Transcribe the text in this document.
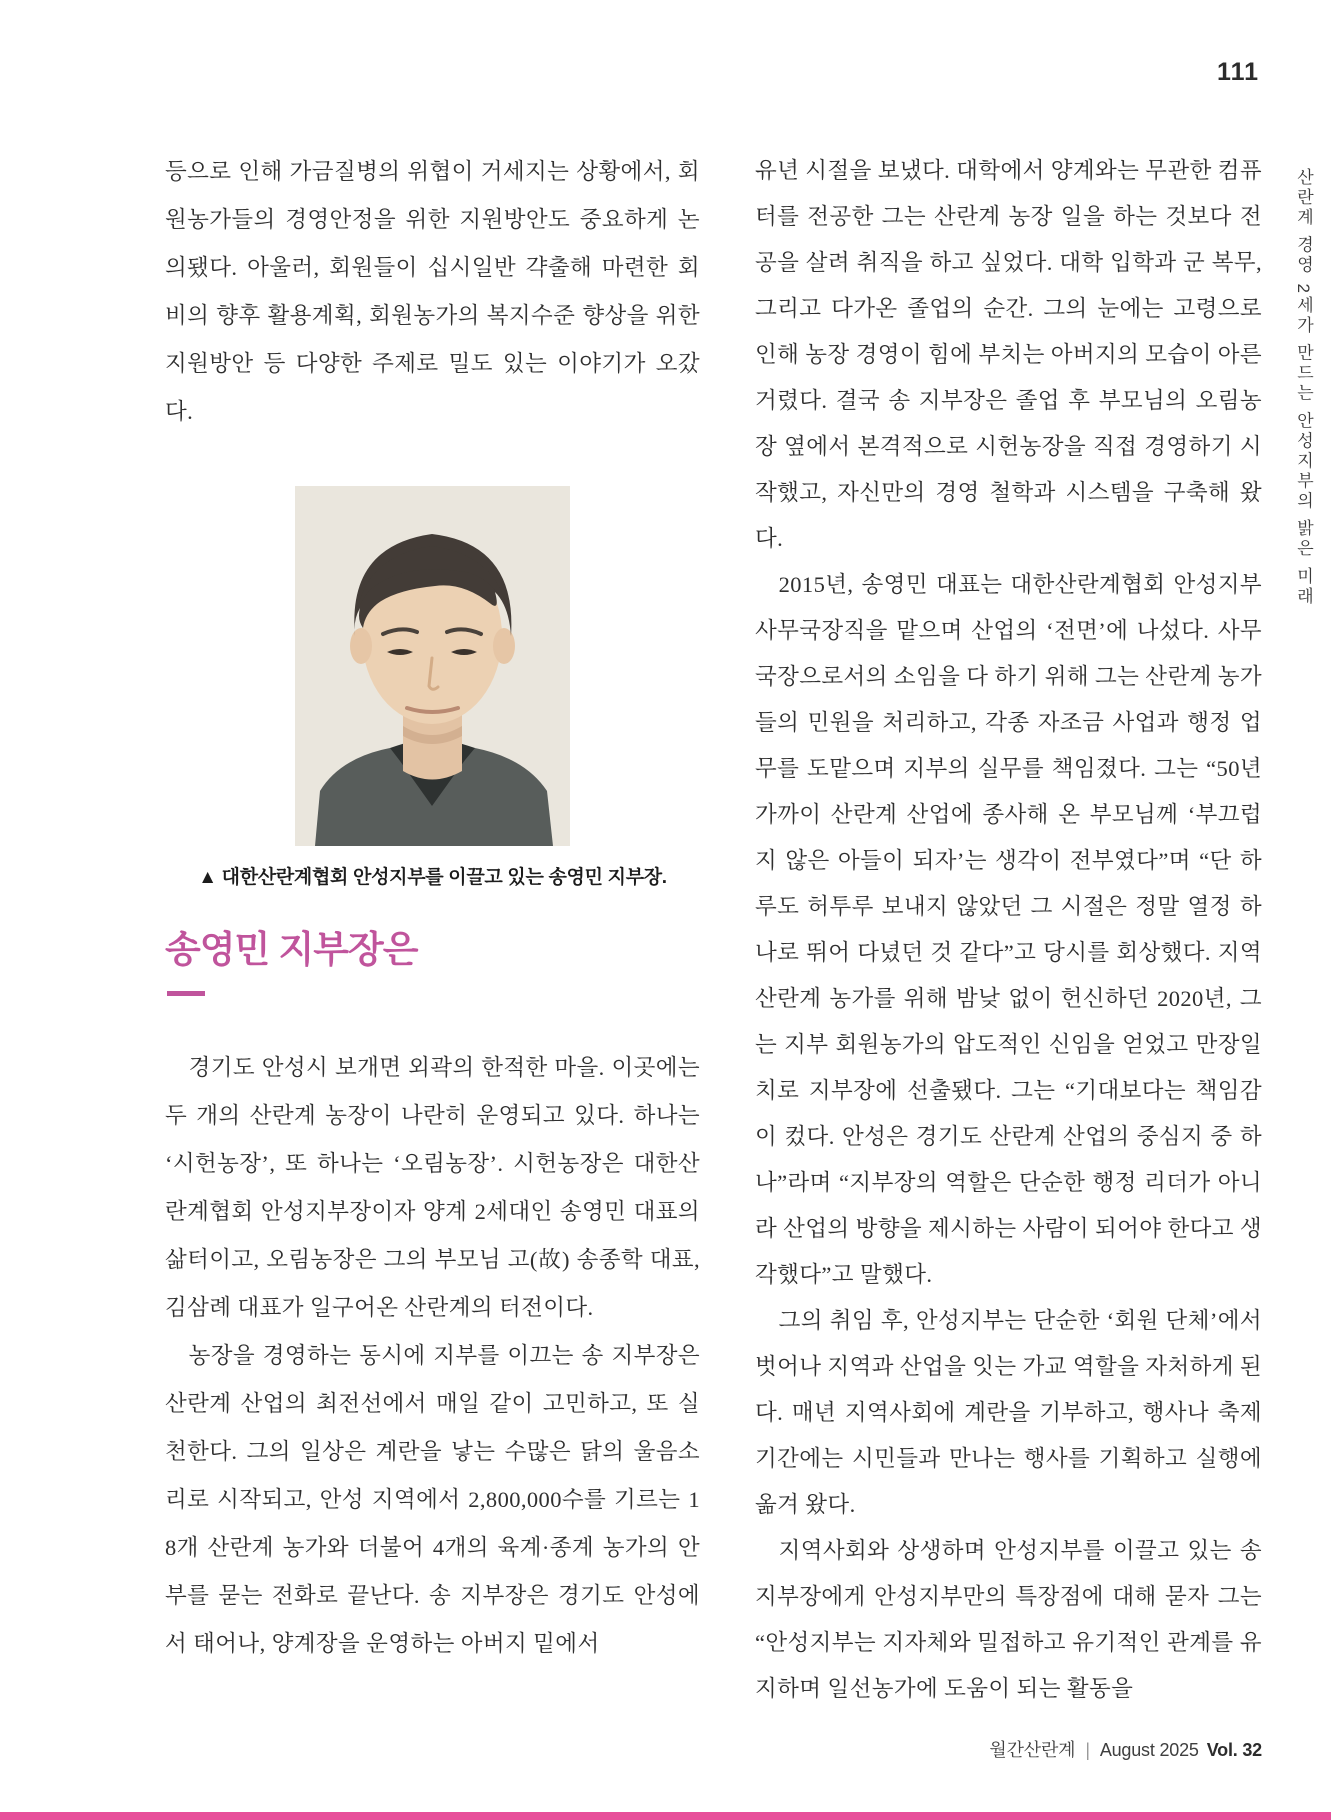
111
산란계 경영 2세가 만드는 안성지부의 밝은 미래

등으로 인해 가금질병의 위협이 거세지는 상황에서, 회원농가들의 경영안정을 위한 지원방안도 중요하게 논의됐다. 아울러, 회원들이 십시일반 갹출해 마련한 회비의 향후 활용계획, 회원농가의 복지수준 향상을 위한 지원방안 등 다양한 주제로 밀도 있는 이야기가 오갔다.

▲ 대한산란계협회 안성지부를 이끌고 있는 송영민 지부장.
송영민 지부장은

경기도 안성시 보개면 외곽의 한적한 마을. 이곳에는 두 개의 산란계 농장이 나란히 운영되고 있다. 하나는 ‘시헌농장’, 또 하나는 ‘오림농장’. 시헌농장은 대한산란계협회 안성지부장이자 양계 2세대인 송영민 대표의 삶터이고, 오림농장은 그의 부모님 고(故) 송종학 대표, 김삼례 대표가 일구어온 산란계의 터전이다.

농장을 경영하는 동시에 지부를 이끄는 송 지부장은 산란계 산업의 최전선에서 매일 같이 고민하고, 또 실천한다. 그의 일상은 계란을 낳는 수많은 닭의 울음소리로 시작되고, 안성 지역에서 2,800,000수를 기르는 18개 산란계 농가와 더불어 4개의 육계·종계 농가의 안부를 묻는 전화로 끝난다. 송 지부장은 경기도 안성에서 태어나, 양계장을 운영하는 아버지 밑에서

유년 시절을 보냈다. 대학에서 양계와는 무관한 컴퓨터를 전공한 그는 산란계 농장 일을 하는 것보다 전공을 살려 취직을 하고 싶었다. 대학 입학과 군 복무, 그리고 다가온 졸업의 순간. 그의 눈에는 고령으로 인해 농장 경영이 힘에 부치는 아버지의 모습이 아른거렸다. 결국 송 지부장은 졸업 후 부모님의 오림농장 옆에서 본격적으로 시헌농장을 직접 경영하기 시작했고, 자신만의 경영 철학과 시스템을 구축해 왔다.

2015년, 송영민 대표는 대한산란계협회 안성지부 사무국장직을 맡으며 산업의 ‘전면’에 나섰다. 사무국장으로서의 소임을 다 하기 위해 그는 산란계 농가들의 민원을 처리하고, 각종 자조금 사업과 행정 업무를 도맡으며 지부의 실무를 책임졌다. 그는 “50년 가까이 산란계 산업에 종사해 온 부모님께 ‘부끄럽지 않은 아들이 되자’는 생각이 전부였다”며 “단 하루도 허투루 보내지 않았던 그 시절은 정말 열정 하나로 뛰어 다녔던 것 같다”고 당시를 회상했다. 지역 산란계 농가를 위해 밤낮 없이 헌신하던 2020년, 그는 지부 회원농가의 압도적인 신임을 얻었고 만장일치로 지부장에 선출됐다. 그는 “기대보다는 책임감이 컸다. 안성은 경기도 산란계 산업의 중심지 중 하나”라며 “지부장의 역할은 단순한 행정 리더가 아니라 산업의 방향을 제시하는 사람이 되어야 한다고 생각했다”고 말했다.

그의 취임 후, 안성지부는 단순한 ‘회원 단체’에서 벗어나 지역과 산업을 잇는 가교 역할을 자처하게 된다. 매년 지역사회에 계란을 기부하고, 행사나 축제 기간에는 시민들과 만나는 행사를 기획하고 실행에 옮겨 왔다.

지역사회와 상생하며 안성지부를 이끌고 있는 송 지부장에게 안성지부만의 특장점에 대해 묻자 그는 “안성지부는 지자체와 밀접하고 유기적인 관계를 유지하며 일선농가에 도움이 되는 활동을

월간산란계 | August 2025 Vol. 32
